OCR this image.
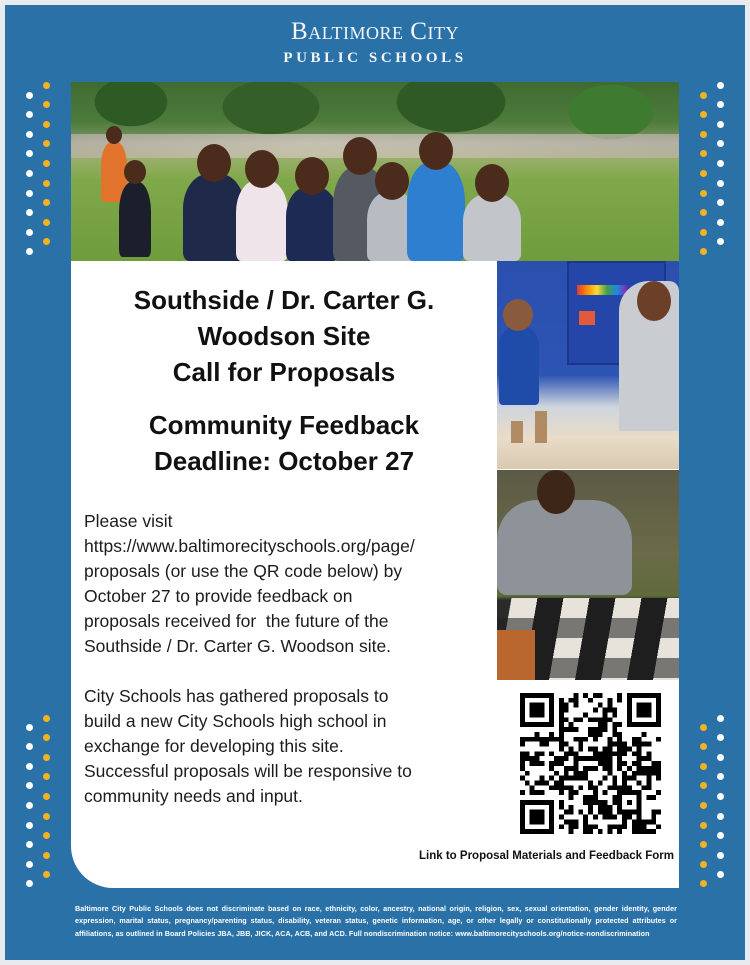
Baltimore City
PUBLIC SCHOOLS
Southside / Dr. Carter G.
Woodson Site
Call for Proposals
Community Feedback
Deadline: October 27
Please visit
https://www.baltimorecityschools.org/page/
proposals (or use the QR code below) by
October 27 to provide feedback on
proposals received for  the future of the
Southside / Dr. Carter G. Woodson site.
City Schools has gathered proposals to
build a new City Schools high school in
exchange for developing this site.
Successful proposals will be responsive to
community needs and input.
Link to Proposal Materials and Feedback Form
Baltimore City Public Schools does not discriminate based on race, ethnicity, color, ancestry, national origin, religion, sex, sexual orientation, gender identity, gender expression, marital status, pregnancy/parenting status, disability, veteran status, genetic information, age, or other legally or constitutionally protected attributes or affiliations, as outlined in Board Policies JBA, JBB, JICK, ACA, ACB, and ACD. Full nondiscrimination notice: www.baltimorecityschools.org/notice-nondiscrimination
